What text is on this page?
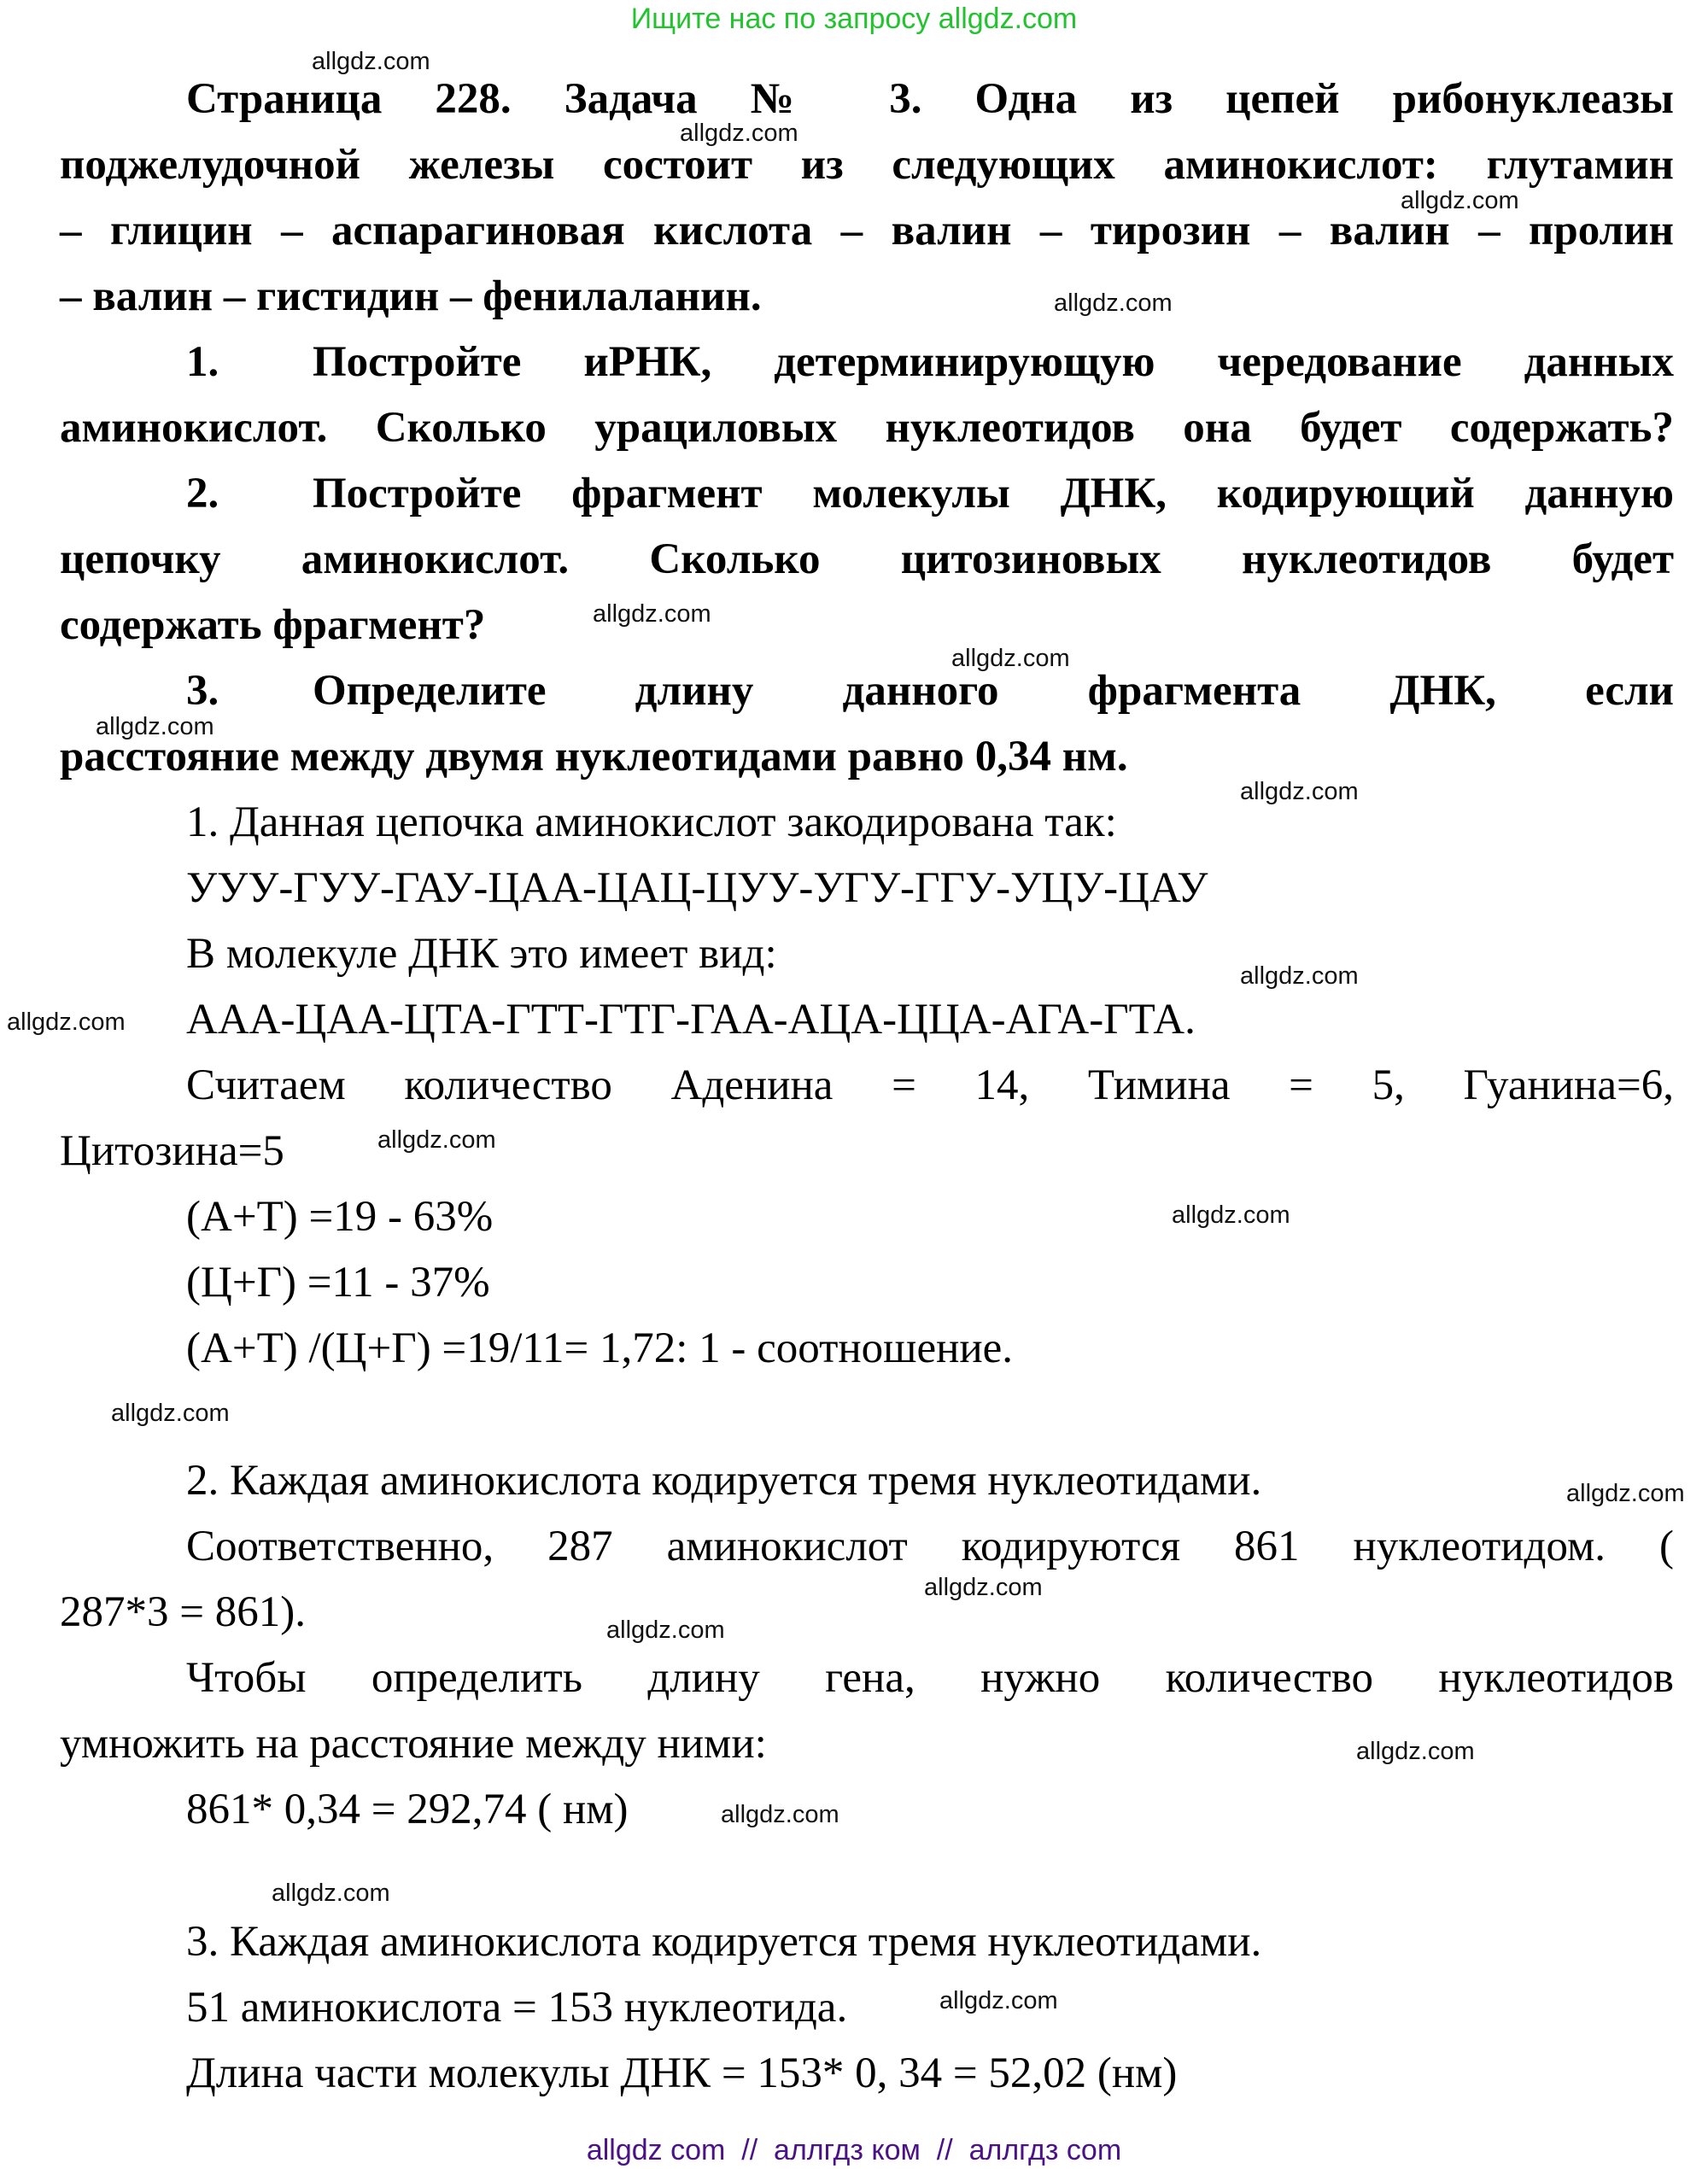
Ищите нас по запросу allgdz.com
Страница 228. Задача № 3. Одна из цепей рибонуклеазы
поджелудочной железы состоит из следующих аминокислот: глутамин
– глицин – аспарагиновая кислота – валин – тирозин – валин – пролин
– валин – гистидин – фенилаланин.
1. Постройте иРНК, детерминирующую чередование данных
аминокислот. Сколько урациловых нуклеотидов она будет содержать?
2. Постройте фрагмент молекулы ДНК, кодирующий данную
цепочку аминокислот. Сколько цитозиновых нуклеотидов будет
содержать фрагмент?
3. Определите длину данного фрагмента ДНК, если
расстояние между двумя нуклеотидами равно 0,34 нм.
1. Данная цепочка аминокислот закодирована так:
УУУ-ГУУ-ГАУ-ЦАА-ЦАЦ-ЦУУ-УГУ-ГГУ-УЦУ-ЦАУ
В молекуле ДНК это имеет вид:
ААА-ЦАА-ЦТА-ГТТ-ГТГ-ГАА-АЦА-ЦЦА-АГА-ГТА.
Считаем количество Аденина = 14, Тимина = 5, Гуанина=6,
Цитозина=5
(А+Т) =19 - 63%
(Ц+Г) =11 - 37%
(А+Т) /(Ц+Г) =19/11= 1,72: 1 - соотношение.
2. Каждая аминокислота кодируется тремя нуклеотидами.
Соответственно, 287 аминокислот кодируются 861 нуклеотидом. (
287*3 = 861).
Чтобы определить длину гена, нужно количество нуклеотидов
умножить на расстояние между ними:
861* 0,34 = 292,74 ( нм)
3. Каждая аминокислота кодируется тремя нуклеотидами.
51 аминокислота = 153 нуклеотида.
Длина части молекулы ДНК = 153* 0, 34 = 52,02 (нм)
allgdz.com
allgdz.com
allgdz.com
allgdz.com
allgdz.com
allgdz.com
allgdz.com
allgdz.com
allgdz.com
allgdz.com
allgdz.com
allgdz.com
allgdz.com
allgdz.com
allgdz.com
allgdz.com
allgdz.com
allgdz.com
allgdz.com
allgdz.com
allgdz com  //  аллгдз ком  //  аллгдз com
